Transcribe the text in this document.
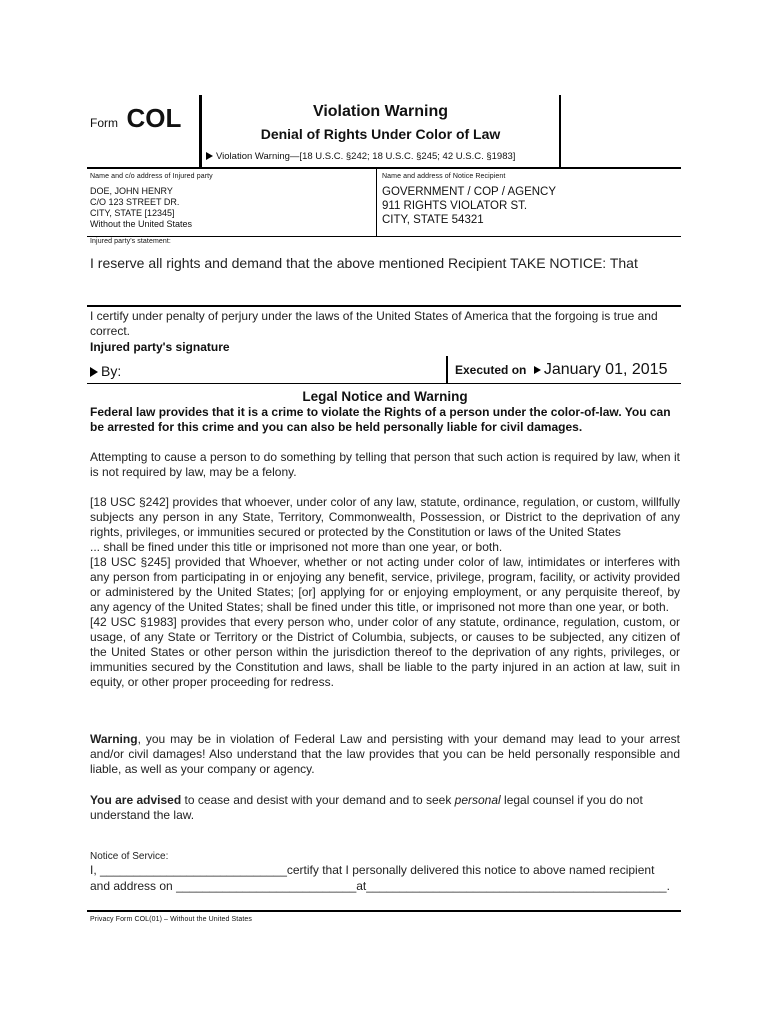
Form COL	Violation Warning
Denial of Rights Under Color of Law
Violation Warning—[18 U.S.C. §242; 18 U.S.C. §245; 42 U.S.C. §1983]
Name and c/o address of Injured party
DOE, JOHN HENRY
C/O 123 STREET DR.
CITY, STATE [12345]
Without the United States
Name and address of Notice Recipient
GOVERNMENT / COP / AGENCY
911 RIGHTS VIOLATOR ST.
CITY, STATE 54321
Injured party's statement:
I reserve all rights and demand that the above mentioned Recipient TAKE NOTICE: That
I certify under penalty of perjury under the laws of the United States of America that the forgoing is true and correct.
Injured party's signature
By:	Executed on January 01, 2015
Legal Notice and Warning
Federal law provides that it is a crime to violate the Rights of a person under the color-of-law. You can be arrested for this crime and you can also be held personally liable for civil damages.
Attempting to cause a person to do something by telling that person that such action is required by law, when it is not required by law, may be a felony.

[18 USC §242] provides that whoever, under color of any law, statute, ordinance, regulation, or custom, willfully subjects any person in any State, Territory, Commonwealth, Possession, or District to the deprivation of any rights, privileges, or immunities secured or protected by the Constitution or laws of the United States

... shall be fined under this title or imprisoned not more than one year, or both.

[18 USC §245] provided that Whoever, whether or not acting under color of law, intimidates or interferes with any person from participating in or enjoying any benefit, service, privilege, program, facility, or activity provided or administered by the United States; [or] applying for or enjoying employment, or any perquisite thereof, by any agency of the United States; shall be fined under this title, or imprisoned not more than one year, or both.

[42 USC §1983] provides that every person who, under color of any statute, ordinance, regulation, custom, or usage, of any State or Territory or the District of Columbia, subjects, or causes to be subjected, any citizen of the United States or other person within the jurisdiction thereof to the deprivation of any rights, privileges, or immunities secured by the Constitution and laws, shall be liable to the party injured in an action at law, suit in equity, or other proper proceeding for redress.

Warning, you may be in violation of Federal Law and persisting with your demand may lead to your arrest and/or civil damages! Also understand that the law provides that you can be held personally responsible and liable, as well as your company or agency.
You are advised to cease and desist with your demand and to seek personal legal counsel if you do not understand the law.
Notice of Service:
I, ____________________________certify that I personally delivered this notice to above named recipient
and address on ___________________________at_____________________________________________.
Privacy Form COL(01) – Without the United States
